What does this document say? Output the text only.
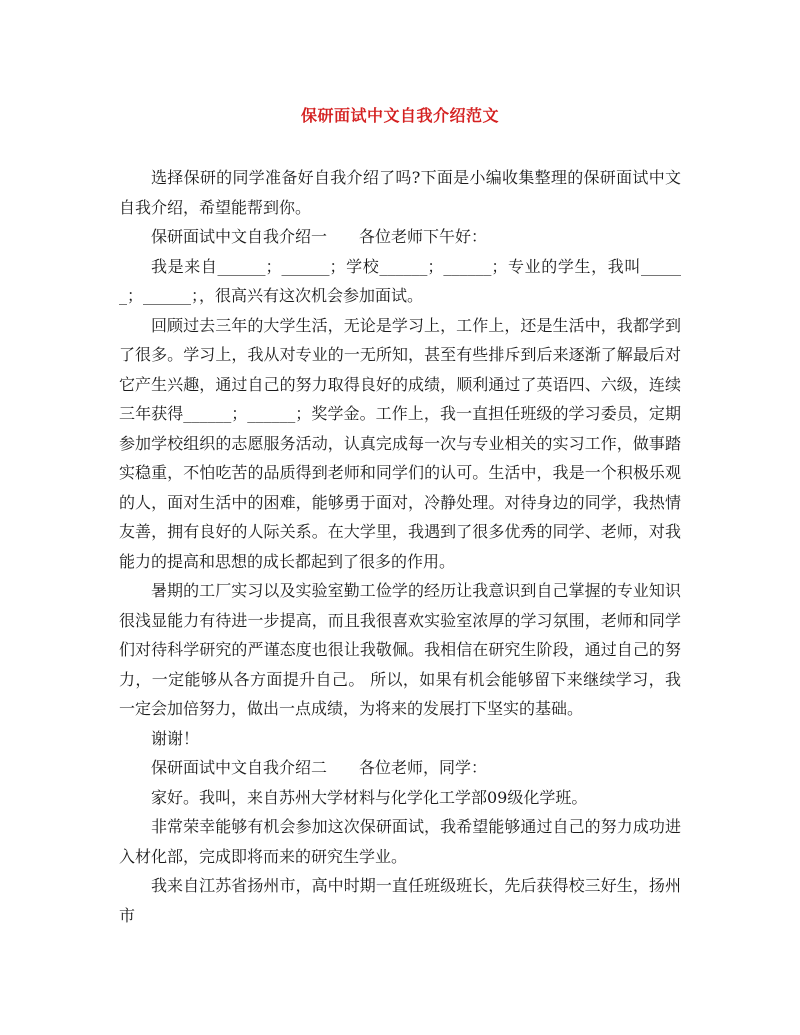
保研面试中文自我介绍范文

选择保研的同学准备好自我介绍了吗?下面是小编收集整理的保研面试中文自我介绍，希望能帮到你。

保研面试中文自我介绍一　　各位老师下午好：

我是来自______；______；学校______；______；专业的学生，我叫______；______；，很高兴有这次机会参加面试。

回顾过去三年的大学生活，无论是学习上，工作上，还是生活中，我都学到了很多。学习上，我从对专业的一无所知，甚至有些排斥到后来逐渐了解最后对它产生兴趣，通过自己的努力取得良好的成绩，顺利通过了英语四、六级，连续三年获得______；______；奖学金。工作上，我一直担任班级的学习委员，定期参加学校组织的志愿服务活动，认真完成每一次与专业相关的实习工作，做事踏实稳重，不怕吃苦的品质得到老师和同学们的认可。生活中，我是一个积极乐观的人，面对生活中的困难，能够勇于面对，冷静处理。对待身边的同学，我热情友善，拥有良好的人际关系。在大学里，我遇到了很多优秀的同学、老师，对我能力的提高和思想的成长都起到了很多的作用。

暑期的工厂实习以及实验室勤工俭学的经历让我意识到自己掌握的专业知识很浅显能力有待进一步提高，而且我很喜欢实验室浓厚的学习氛围，老师和同学们对待科学研究的严谨态度也很让我敬佩。我相信在研究生阶段，通过自己的努力，一定能够从各方面提升自己。 所以，如果有机会能够留下来继续学习，我一定会加倍努力，做出一点成绩，为将来的发展打下坚实的基础。

谢谢！

保研面试中文自我介绍二　　各位老师，同学：

家好。我叫，来自苏州大学材料与化学化工学部09级化学班。

非常荣幸能够有机会参加这次保研面试，我希望能够通过自己的努力成功进入材化部，完成即将而来的研究生学业。

我来自江苏省扬州市，高中时期一直任班级班长，先后获得校三好生，扬州市
